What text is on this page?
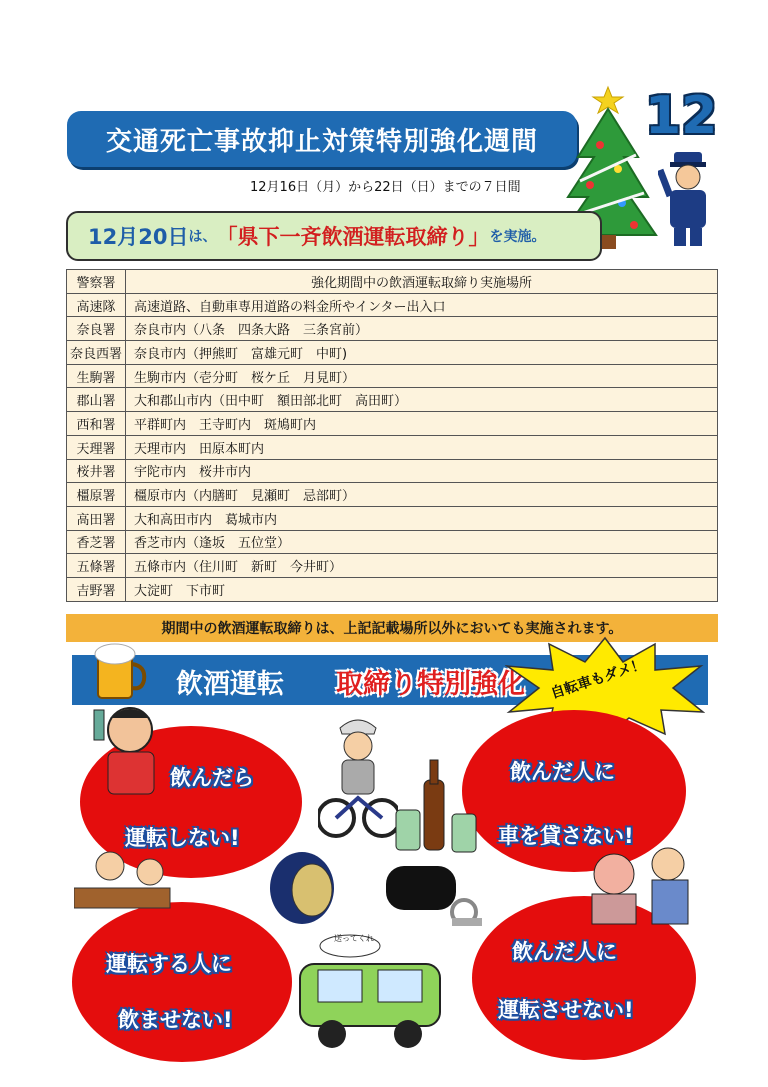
交通死亡事故抑止対策特別強化週間
12月16日（月）から22日（日）までの７日間
12
12月20日 は、 「県下一斉飲酒運転取締り」 を実施。
警察署	強化期間中の飲酒運転取締り実施場所
高速隊	高速道路、自動車専用道路の料金所やインター出入口
奈良署	奈良市内（八条　四条大路　三条宮前）
奈良西署	奈良市内（押熊町　富雄元町　中町)
生駒署	生駒市内（壱分町　桜ケ丘　月見町）
郡山署	大和郡山市内（田中町　額田部北町　高田町）
西和署	平群町内　王寺町内　斑鳩町内
天理署	天理市内　田原本町内
桜井署	宇陀市内　桜井市内
橿原署	橿原市内（内膳町　見瀬町　忌部町）
高田署	大和高田市内　葛城市内
香芝署	香芝市内（逢坂　五位堂）
五條署	五條市内（住川町　新町　今井町）
吉野署	大淀町　下市町
期間中の飲酒運転取締りは、上記記載場所以外においても実施されます。
飲酒運転 取締り特別強化 自転車もダメ！
飲んだら
運転しない!
飲んだ人に
車を貸さない!
運転する人に
飲ませない!
飲んだ人に
運転させない!
送ってくれ
